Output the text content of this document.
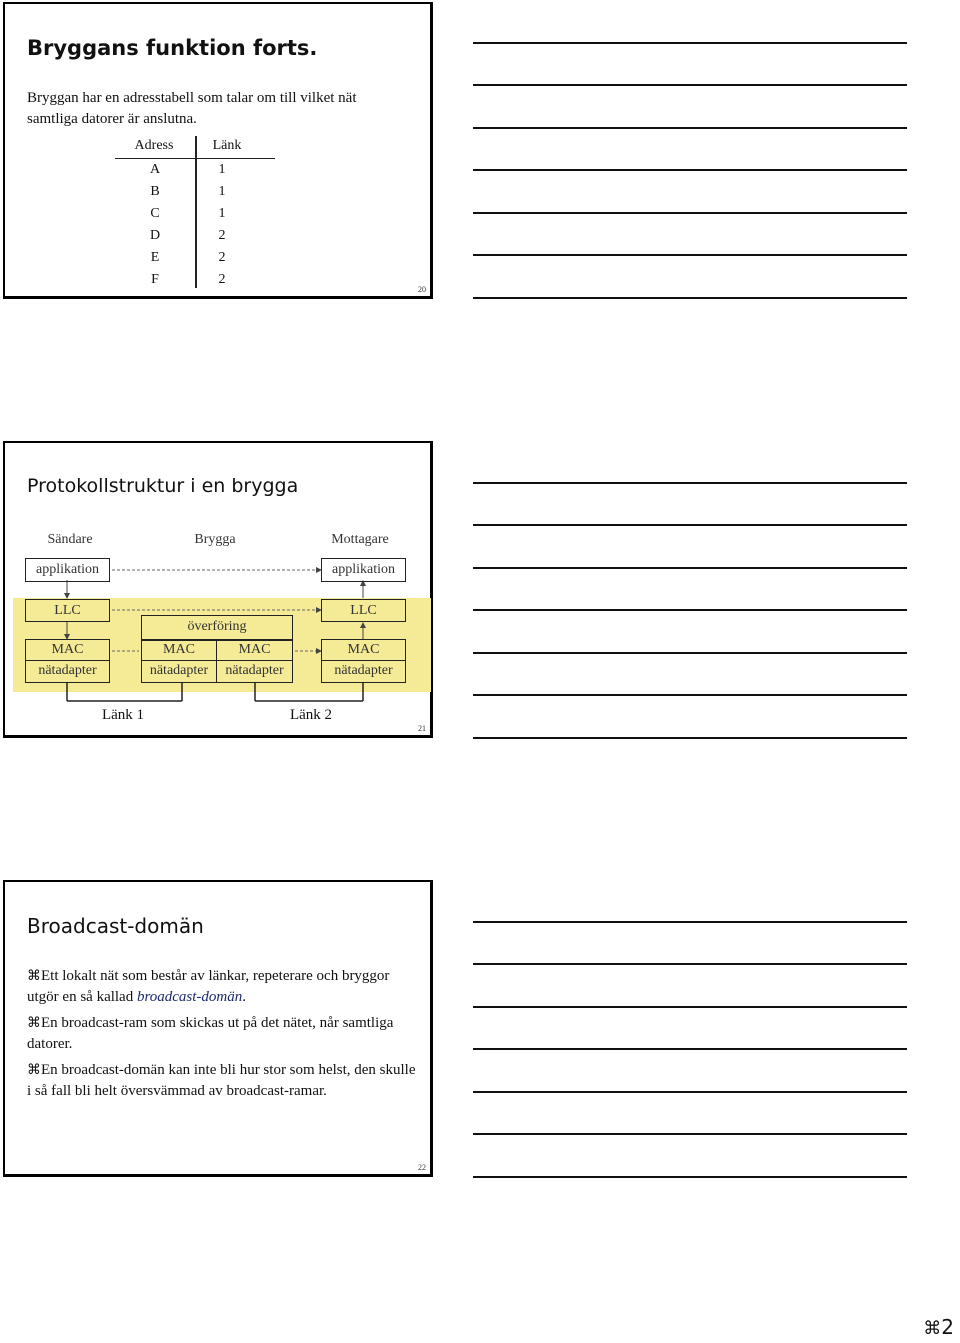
Bryggans funktion forts.
Bryggan har en adresstabell som talar om till vilket nät samtliga datorer är anslutna.
Adress	Länk
A	1
B	1
C	1
D	2
E	2
F	2
20
Protokollstruktur i en brygga
Sändare	Brygga	Mottagare
applikation
LLC
MAC
nätadapter
överföring
MAC
nätadapter
MAC
nätadapter
applikation
LLC
MAC
nätadapter
Länk 1	Länk 2
21
Broadcast-domän
⌘Ett lokalt nät som består av länkar, repeterare och bryggor utgör en så kallad broadcast-domän.
⌘En broadcast-ram som skickas ut på det nätet, når samtliga datorer.
⌘En broadcast-domän kan inte bli hur stor som helst, den skulle i så fall bli helt översvämmad av broadcast-ramar.
22
⌘2
